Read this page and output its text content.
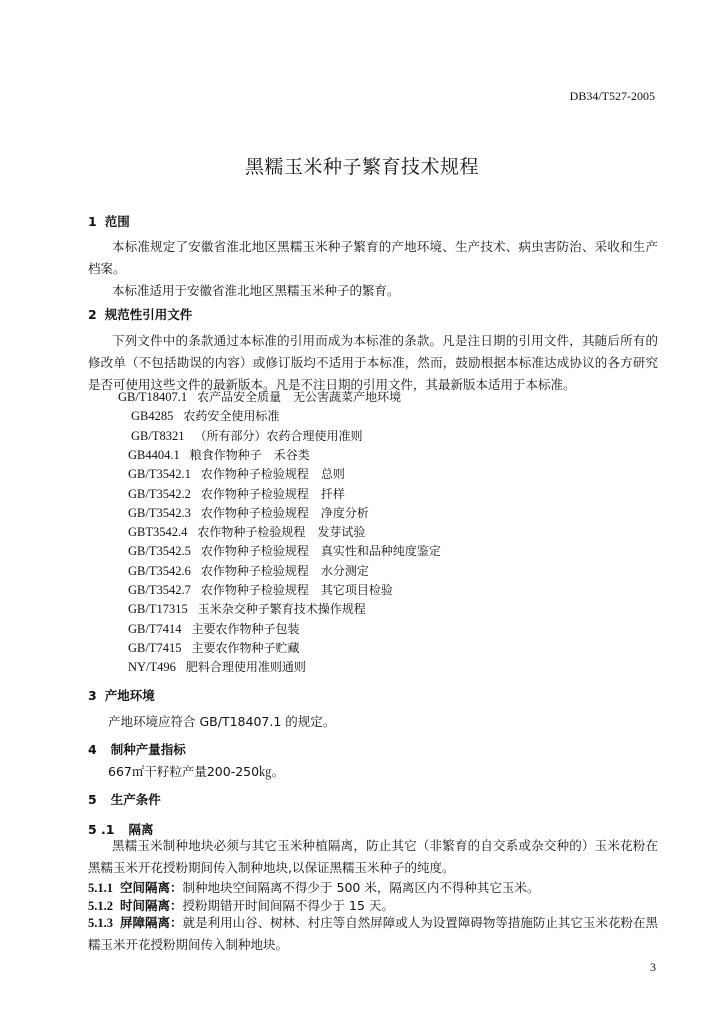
DB34/T527-2005
黑糯玉米种子繁育技术规程
1 范围
本标准规定了安徽省淮北地区黑糯玉米种子繁育的产地环境、生产技术、病虫害防治、采收和生产档案。
本标准适用于安徽省淮北地区黑糯玉米种子的繁育。
2 规范性引用文件
下列文件中的条款通过本标准的引用而成为本标准的条款。凡是注日期的引用文件，其随后所有的修改单（不包括勘误的内容）或修订版均不适用于本标准，然而，鼓励根据本标准达成协议的各方研究是否可使用这些文件的最新版本。凡是不注日期的引用文件，其最新版本适用于本标准。
GB/T18407.1 农产品安全质量　无公害蔬菜产地环境
GB4285 农药安全使用标准
GB/T8321 （所有部分）农药合理使用准则
GB4404.1 粮食作物种子　禾谷类
GB/T3542.1 农作物种子检验规程　总则
GB/T3542.2 农作物种子检验规程　扦样
GB/T3542.3 农作物种子检验规程　净度分析
GBT3542.4 农作物种子检验规程　发芽试验
GB/T3542.5 农作物种子检验规程　真实性和品种纯度鉴定
GB/T3542.6 农作物种子检验规程　水分测定
GB/T3542.7 农作物种子检验规程　其它项目检验
GB/T17315 玉米杂交种子繁育技术操作规程
GB/T7414 主要农作物种子包装
GB/T7415 主要农作物种子贮藏
NY/T496 肥料合理使用准则通则
3 产地环境
产地环境应符合 GB/T18407.1 的规定。
4 制种产量指标
667㎡干籽粒产量200-250㎏。
5 生产条件
5 .1 隔离
黑糯玉米制种地块必须与其它玉米种植隔离，防止其它（非繁育的自交系或杂交种的）玉米花粉在黑糯玉米开花授粉期间传入制种地块,以保证黑糯玉米种子的纯度。
5.1.1 空间隔离：制种地块空间隔离不得少于 500 米，隔离区内不得种其它玉米。
5.1.2 时间隔离：授粉期错开时间间隔不得少于 15 天。
5.1.3 屏障隔离：就是利用山谷、树林、村庄等自然屏障或人为设置障碍物等措施防止其它玉米花粉在黑糯玉米开花授粉期间传入制种地块。
3
